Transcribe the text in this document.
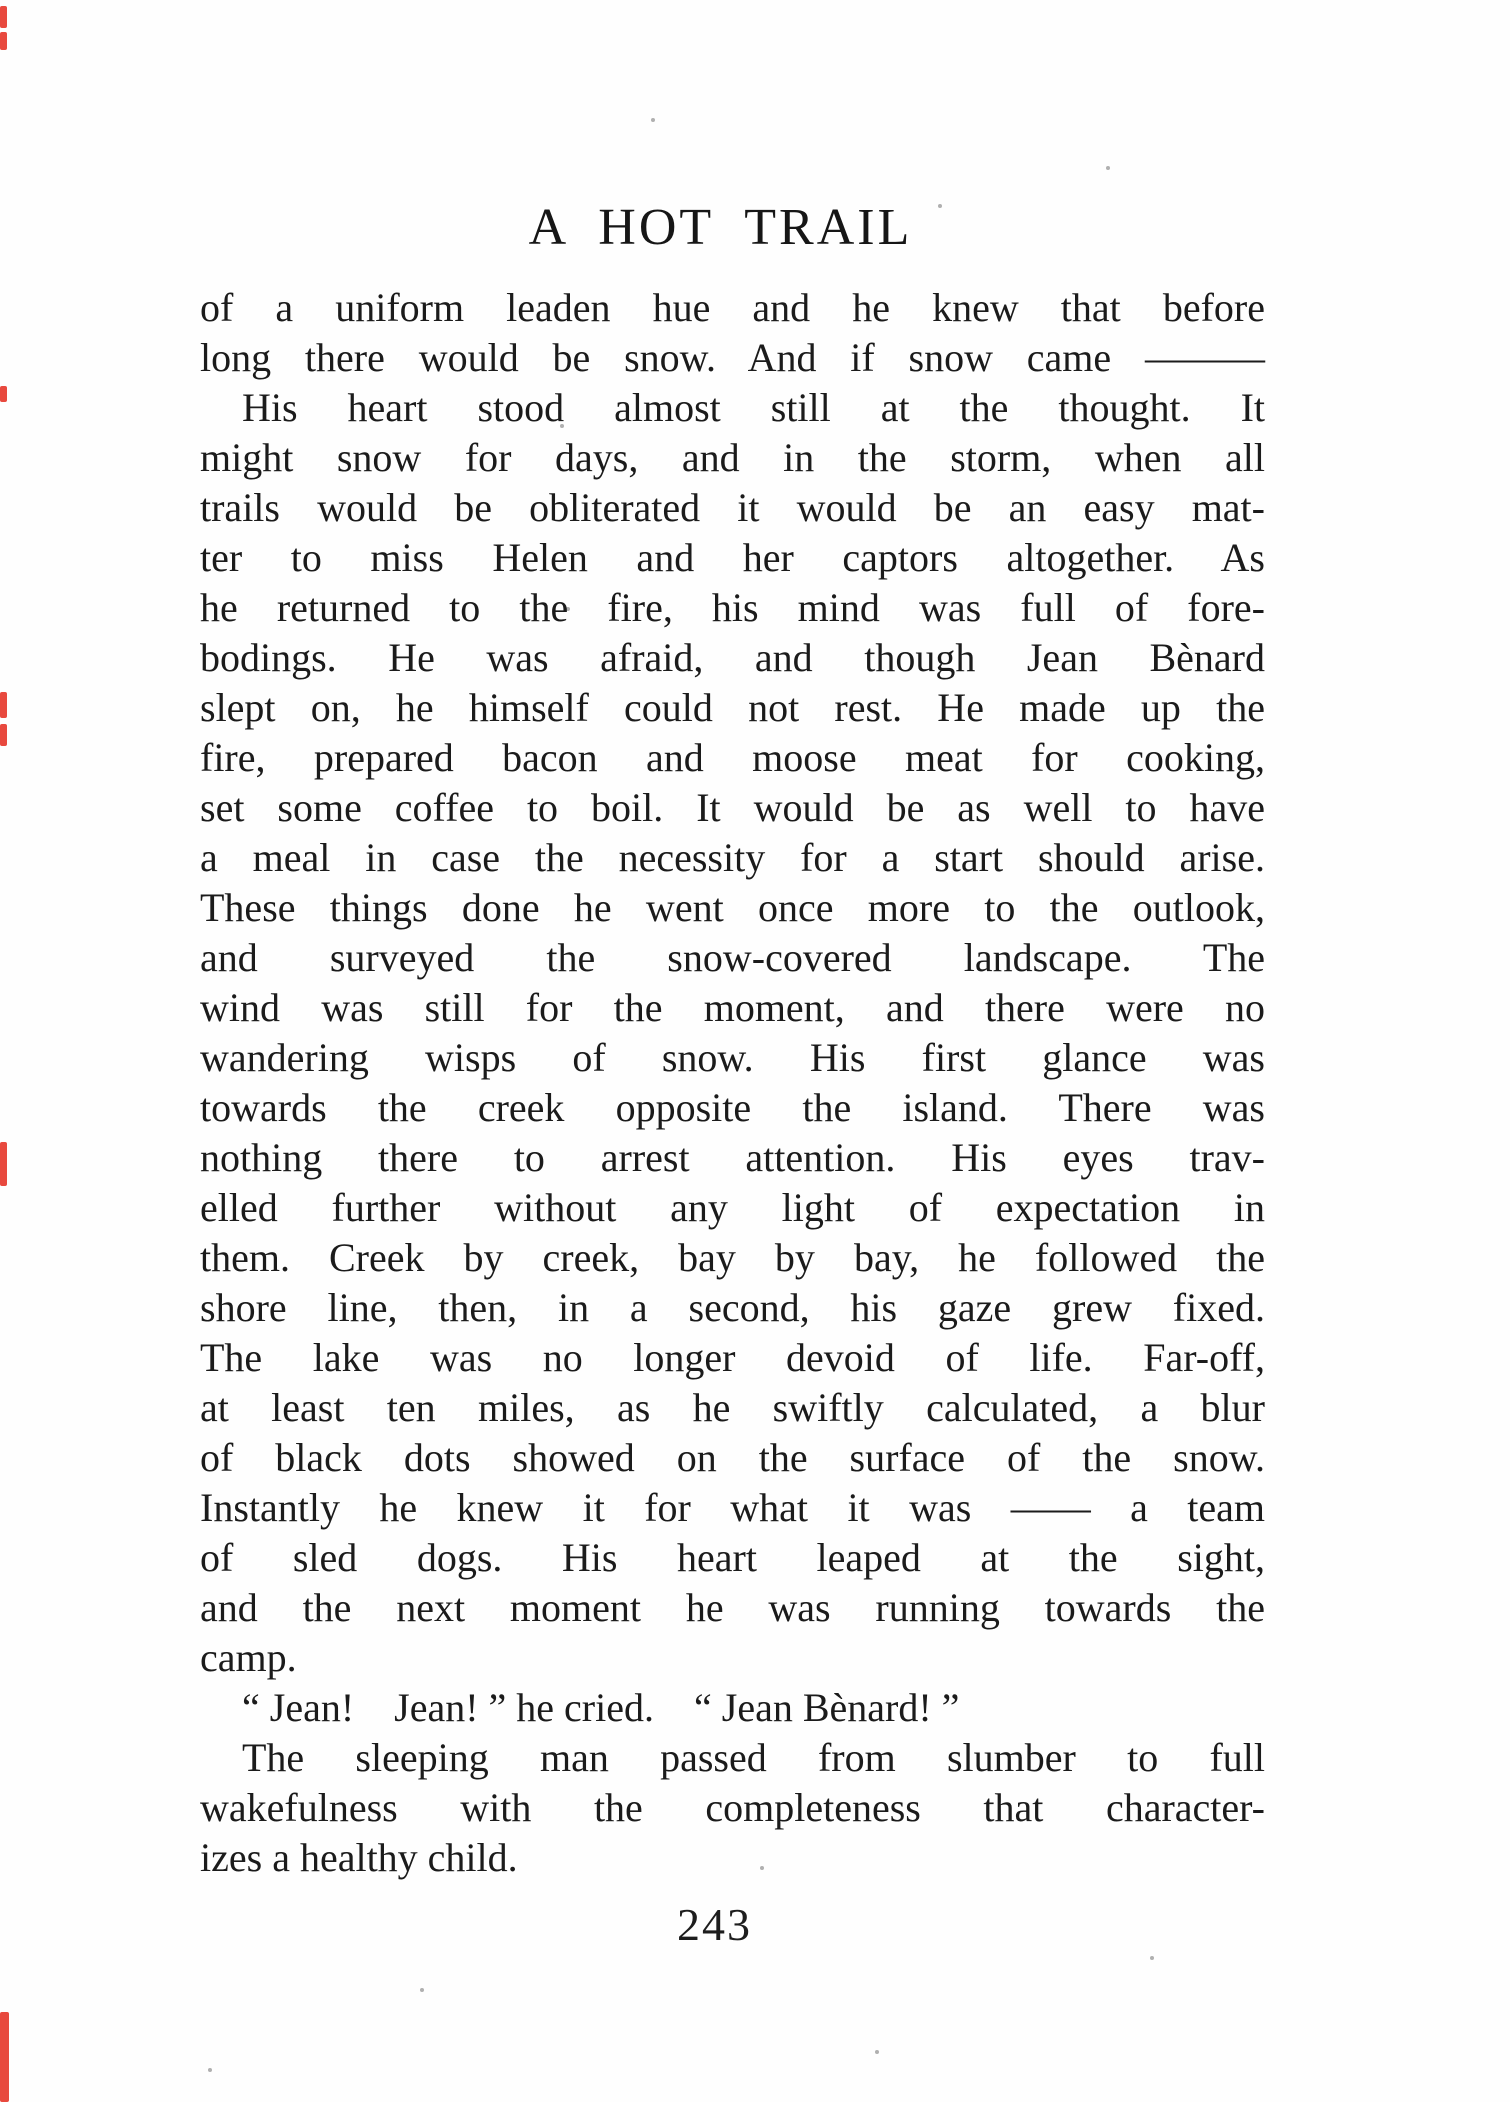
A HOT TRAIL
of a uniform leaden hue and he knew that before
long there would be snow. And if snow came ———
His heart stood almost still at the thought. It
might snow for days, and in the storm, when all
trails would be obliterated it would be an easy mat-
ter to miss Helen and her captors altogether. As
he returned to the fire, his mind was full of fore-
bodings. He was afraid, and though Jean Bènard
slept on, he himself could not rest. He made up the
fire, prepared bacon and moose meat for cooking,
set some coffee to boil. It would be as well to have
a meal in case the necessity for a start should arise.
These things done he went once more to the outlook,
and surveyed the snow-covered landscape. The
wind was still for the moment, and there were no
wandering wisps of snow. His first glance was
towards the creek opposite the island. There was
nothing there to arrest attention. His eyes trav-
elled further without any light of expectation in
them. Creek by creek, bay by bay, he followed the
shore line, then, in a second, his gaze grew fixed.
The lake was no longer devoid of life. Far-off,
at least ten miles, as he swiftly calculated, a blur
of black dots showed on the surface of the snow.
Instantly he knew it for what it was —— a team
of sled dogs. His heart leaped at the sight,
and the next moment he was running towards the
camp.
“ Jean! Jean! ” he cried. “ Jean Bènard! ”
The sleeping man passed from slumber to full
wakefulness with the completeness that character-
izes a healthy child.
243
